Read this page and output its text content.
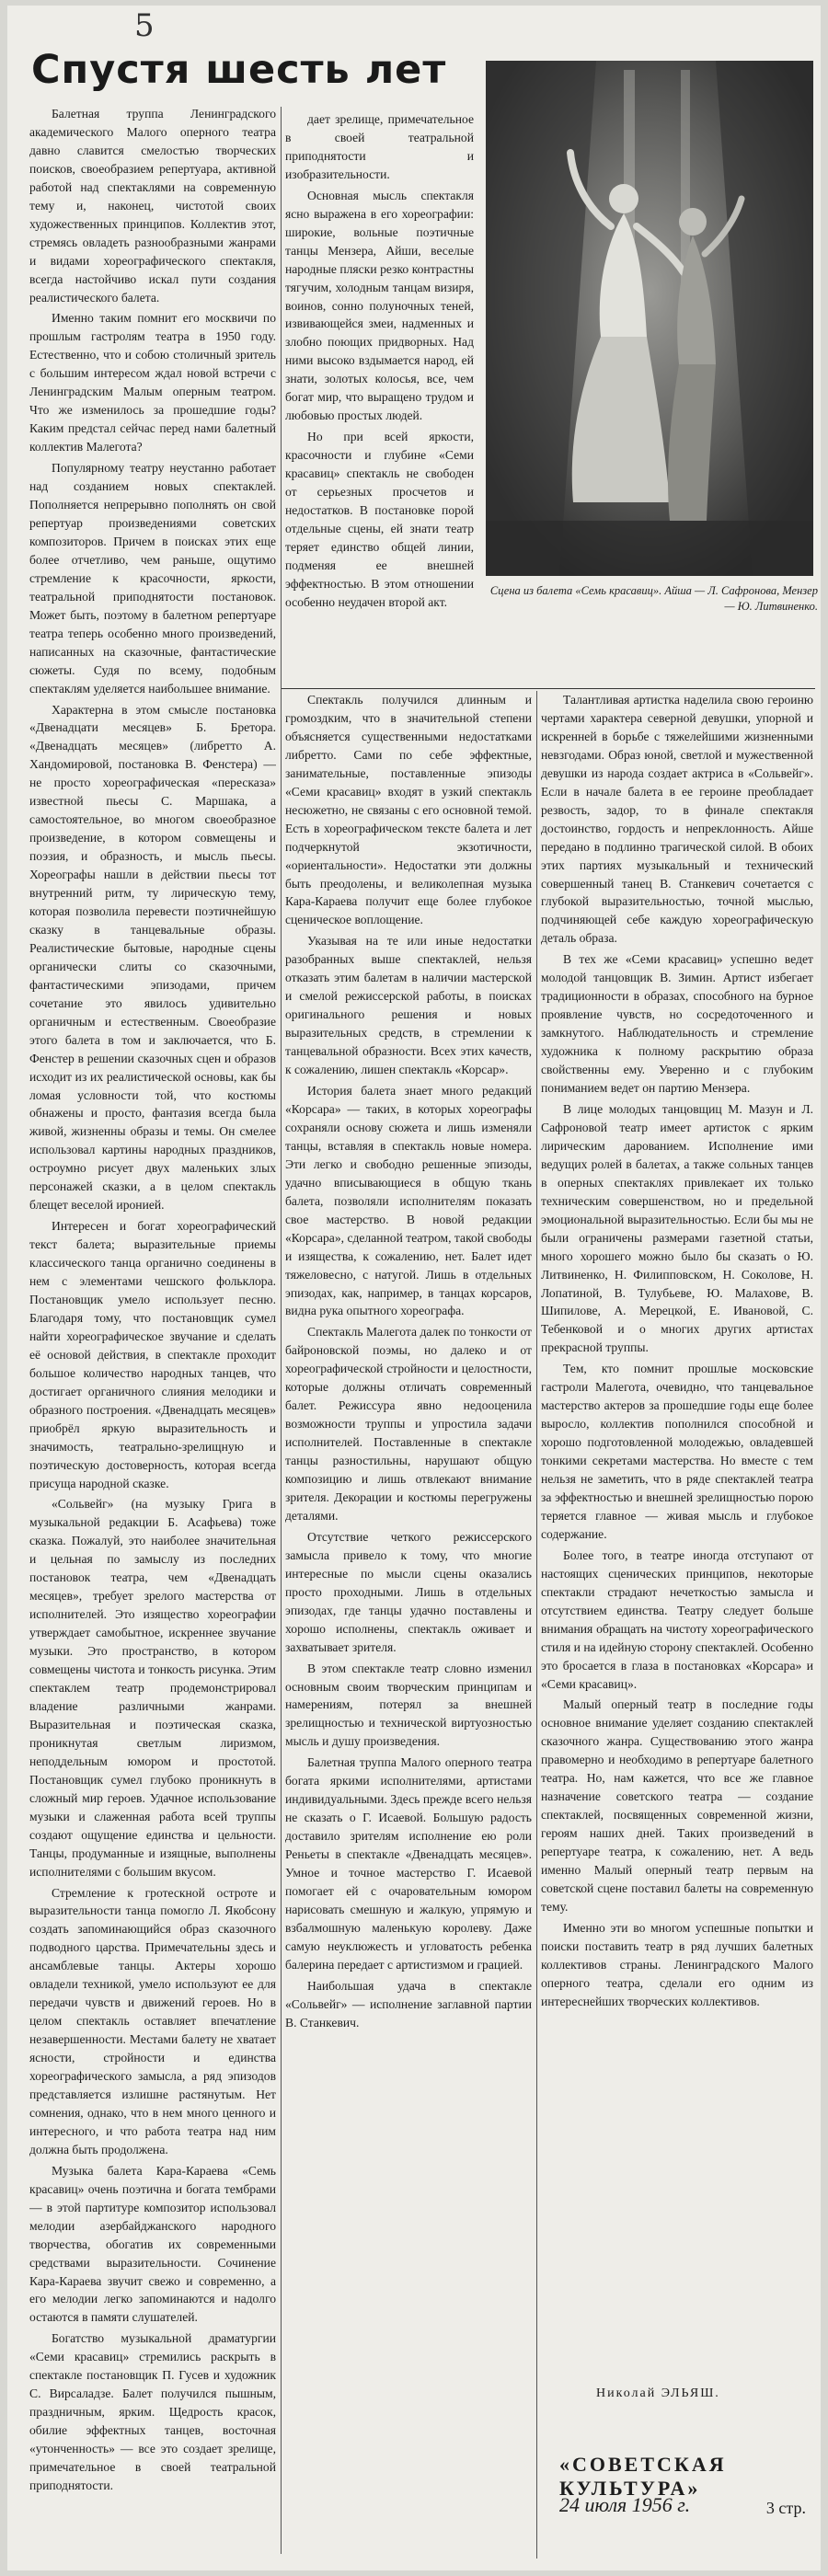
5
Спустя шесть лет
Сцена из балета «Семь красавиц». Айша — Л. Сафронова, Мензер — Ю. Литвиненко.

Балетная труппа Ленинградского академического Малого оперного театра давно славится смелостью творческих поисков, своеобразием репертуара, активной работой над спектаклями на современную тему и, наконец, чистотой своих художественных принципов. Коллектив этот, стремясь овладеть разнообразными жанрами и видами хореографического спектакля, всегда настойчиво искал пути создания реалистического балета.

Именно таким помнит его москвичи по прошлым гастролям театра в 1950 году. Естественно, что и собою столичный зритель с большим интересом ждал новой встречи с Ленинградским Малым оперным театром. Что же изменилось за прошедшие годы? Каким предстал сейчас перед нами балетный коллектив Малегота?

Популярному театру неустанно работает над созданием новых спектаклей. Пополняется непрерывно пополнять он свой репертуар произведениями советских композиторов. Причем в поисках этих еще более отчетливо, чем раньше, ощутимо стремление к красочности, яркости, театральной приподнятости постановок. Может быть, поэтому в балетном репертуаре театра теперь особенно много произведений, написанных на сказочные, фантастические сюжеты. Судя по всему, подобным спектаклям уделяется наибольшее внимание.

Характерна в этом смысле постановка «Двенадцати месяцев» Б. Бретора. «Двенадцать месяцев» (либретто А. Хандомировой, постановка В. Фенстера) — не просто хореографическая «пересказа» известной пьесы С. Маршака, а самостоятельное, во многом своеобразное произведение, в котором совмещены и поэзия, и образность, и мысль пьесы. Хореографы нашли в действии пьесы тот внутренний ритм, ту лирическую тему, которая позволила перевести поэтичнейшую сказку в танцевальные образы. Реалистические бытовые, народные сцены органически слиты со сказочными, фантастическими эпизодами, причем сочетание это явилось удивительно органичным и естественным. Своеобразие этого балета в том и заключается, что Б. Фенстер в решении сказочных сцен и образов исходит из их реалистической основы, как бы ломая условности той, что костюмы обнажены и просто, фантазия всегда была живой, жизненны образы и темы. Он смелее использовал картины народных праздников, остроумно рисует двух маленьких злых персонажей сказки, а в целом спектакль блещет веселой иронией.

Интересен и богат хореографический текст балета; выразительные приемы классического танца органично соединены в нем с элементами чешского фольклора. Постановщик умело использует песню. Благодаря тому, что постановщик сумел найти хореографическое звучание и сделать её основой действия, в спектакле проходит большое количество народных танцев, что достигает органичного слияния мелодики и образного построения. «Двенадцать месяцев» приобрёл яркую выразительность и значимость, театрально-зрелищную и поэтическую достоверность, которая всегда присуща народной сказке.

«Сольвейг» (на музыку Грига в музыкальной редакции Б. Асафьева) тоже сказка. Пожалуй, это наиболее значительная и цельная по замыслу из последних постановок театра, чем «Двенадцать месяцев», требует зрелого мастерства от исполнителей. Это изящество хореографии утверждает самобытное, искреннее звучание музыки. Это пространство, в котором совмещены чистота и тонкость рисунка. Этим спектаклем театр продемонстрировал владение различными жанрами. Выразительная и поэтическая сказка, проникнутая светлым лиризмом, неподдельным юмором и простотой. Постановщик сумел глубоко проникнуть в сложный мир героев. Удачное использование музыки и слаженная работа всей труппы создают ощущение единства и цельности. Танцы, продуманные и изящные, выполнены исполнителями с большим вкусом.

Стремление к гротескной остроте и выразительности танца помогло Л. Якобсону создать запоминающийся образ сказочного подводного царства. Примечательны здесь и ансамблевые танцы. Актеры хорошо овладели техникой, умело используют ее для передачи чувств и движений героев. Но в целом спектакль оставляет впечатление незавершенности. Местами балету не хватает ясности, стройности и единства хореографического замысла, а ряд эпизодов представляется излишне растянутым. Нет сомнения, однако, что в нем много ценного и интересного, и что работа театра над ним должна быть продолжена.

Музыка балета Кара-Караева «Семь красавиц» очень поэтична и богата тембрами — в этой партитуре композитор использовал мелодии азербайджанского народного творчества, обогатив их современными средствами выразительности. Сочинение Кара-Караева звучит свежо и современно, а его мелодии легко запоминаются и надолго остаются в памяти слушателей.

Богатство музыкальной драматургии «Семи красавиц» стремились раскрыть в спектакле постановщик П. Гусев и художник С. Вирсаладзе. Балет получился пышным, праздничным, ярким. Щедрость красок, обилие эффектных танцев, восточная «утонченность» — все это создает зрелище, примечательное в своей театральной приподнятости.

дает зрелище, примечательное в своей театральной приподнятости и изобразительности.

Основная мысль спектакля ясно выражена в его хореографии: широкие, вольные поэтичные танцы Мензера, Айши, веселые народные пляски резко контрастны тягучим, холодным танцам визиря, воинов, сонно полуночных теней, извивающейся змеи, надменных и злобно поющих придворных. Над ними высоко вздымается народ, ей знати, золотых колосья, все, чем богат мир, что выращено трудом и любовью простых людей.

Но при всей яркости, красочности и глубине «Семи красавиц» спектакль не свободен от серьезных просчетов и недостатков. В постановке порой отдельные сцены, ей знати театр теряет единство общей линии, подменяя ее внешней эффектностью. В этом отношении особенно неудачен второй акт.

Спектакль получился длинным и громоздким, что в значительной степени объясняется существенными недостатками либретто. Сами по себе эффектные, занимательные, поставленные эпизоды «Семи красавиц» входят в узкий спектакль несюжетно, не связаны с его основной темой. Есть в хореографическом тексте балета и лет подчеркнутой экзотичности, «ориентальности». Недостатки эти должны быть преодолены, и великолепная музыка Кара-Караева получит еще более глубокое сценическое воплощение.

Указывая на те или иные недостатки разобранных выше спектаклей, нельзя отказать этим балетам в наличии мастерской и смелой режиссерской работы, в поисках оригинального решения и новых выразительных средств, в стремлении к танцевальной образности. Всех этих качеств, к сожалению, лишен спектакль «Корсар».

История балета знает много редакций «Корсара» — таких, в которых хореографы сохраняли основу сюжета и лишь изменяли танцы, вставляя в спектакль новые номера. Эти легко и свободно решенные эпизоды, удачно вписывающиеся в общую ткань балета, позволяли исполнителям показать свое мастерство. В новой редакции «Корсара», сделанной театром, такой свободы и изящества, к сожалению, нет. Балет идет тяжеловесно, с натугой. Лишь в отдельных эпизодах, как, например, в танцах корсаров, видна рука опытного хореографа.

Спектакль Малегота далек по тонкости от байроновской поэмы, но далеко и от хореографической стройности и целостности, которые должны отличать современный балет. Режиссура явно недооценила возможности труппы и упростила задачи исполнителей. Поставленные в спектакле танцы разностильны, нарушают общую композицию и лишь отвлекают внимание зрителя. Декорации и костюмы перегружены деталями.

Отсутствие четкого режиссерского замысла привело к тому, что многие интересные по мысли сцены оказались просто проходными. Лишь в отдельных эпизодах, где танцы удачно поставлены и хорошо исполнены, спектакль оживает и захватывает зрителя.

В этом спектакле театр словно изменил основным своим творческим принципам и намерениям, потерял за внешней зрелищностью и технической виртуозностью мысль и душу произведения.

Балетная труппа Малого оперного театра богата яркими исполнителями, артистами индивидуальными. Здесь прежде всего нельзя не сказать о Г. Исаевой. Большую радость доставило зрителям исполнение ею роли Реньеты в спектакле «Двенадцать месяцев». Умное и точное мастерство Г. Исаевой помогает ей с очаровательным юмором нарисовать смешную и жалкую, упрямую и взбалмошную маленькую королеву. Даже самую неуклюжесть и угловатость ребенка балерина передает с артистизмом и грацией.

Наибольшая удача в спектакле «Сольвейг» — исполнение заглавной партии В. Станкевич.

Талантливая артистка наделила свою героиню чертами характера северной девушки, упорной и искренней в борьбе с тяжелейшими жизненными невзгодами. Образ юной, светлой и мужественной девушки из народа создает актриса в «Сольвейг». Если в начале балета в ее героине преобладает резвость, задор, то в финале спектакля достоинство, гордость и непреклонность. Айше передано в подлинно трагической силой. В обоих этих партиях музыкальный и технический совершенный танец В. Станкевич сочетается с глубокой выразительностью, точной мыслью, подчиняющей себе каждую хореографическую деталь образа.

В тех же «Семи красавиц» успешно ведет молодой танцовщик В. Зимин. Артист избегает традиционности в образах, способного на бурное проявление чувств, но сосредоточенного и замкнутого. Наблюдательность и стремление художника к полному раскрытию образа свойственны ему. Уверенно и с глубоким пониманием ведет он партию Мензера.

В лице молодых танцовщиц М. Мазун и Л. Сафроновой театр имеет артисток с ярким лирическим дарованием. Исполнение ими ведущих ролей в балетах, а также сольных танцев в оперных спектаклях привлекает их только техническим совершенством, но и предельной эмоциональной выразительностью. Если бы мы не были ограничены размерами газетной статьи, много хорошего можно было бы сказать о Ю. Литвиненко, Н. Филипповском, Н. Соколове, Н. Лопатиной, В. Тулубьеве, Ю. Малахове, В. Шипилове, А. Мерецкой, Е. Ивановой, С. Тебенковой и о многих других артистах прекрасной труппы.

Тем, кто помнит прошлые московские гастроли Малегота, очевидно, что танцевальное мастерство актеров за прошедшие годы еще более выросло, коллектив пополнился способной и хорошо подготовленной молодежью, овладевшей тонкими секретами мастерства. Но вместе с тем нельзя не заметить, что в ряде спектаклей театра за эффектностью и внешней зрелищностью порою теряется главное — живая мысль и глубокое содержание.

Более того, в театре иногда отступают от настоящих сценических принципов, некоторые спектакли страдают нечеткостью замысла и отсутствием единства. Театру следует больше внимания обращать на чистоту хореографического стиля и на идейную сторону спектаклей. Особенно это бросается в глаза в постановках «Корсара» и «Семи красавиц».

Малый оперный театр в последние годы основное внимание уделяет созданию спектаклей сказочного жанра. Существованию этого жанра правомерно и необходимо в репертуаре балетного театра. Но, нам кажется, что все же главное назначение советского театра — создание спектаклей, посвященных современной жизни, героям наших дней. Таких произведений в репертуаре театра, к сожалению, нет. А ведь именно Малый оперный театр первым на советской сцене поставил балеты на современную тему.

Именно эти во многом успешные попытки и поиски поставить театр в ряд лучших балетных коллективов страны. Ленинградского Малого оперного театра, сделали его одним из интереснейших творческих коллективов.

Николай ЭЛЬЯШ.
«СОВЕТСКАЯ КУЛЬТУРА»
24 июля 1956 г.	3 стр.
